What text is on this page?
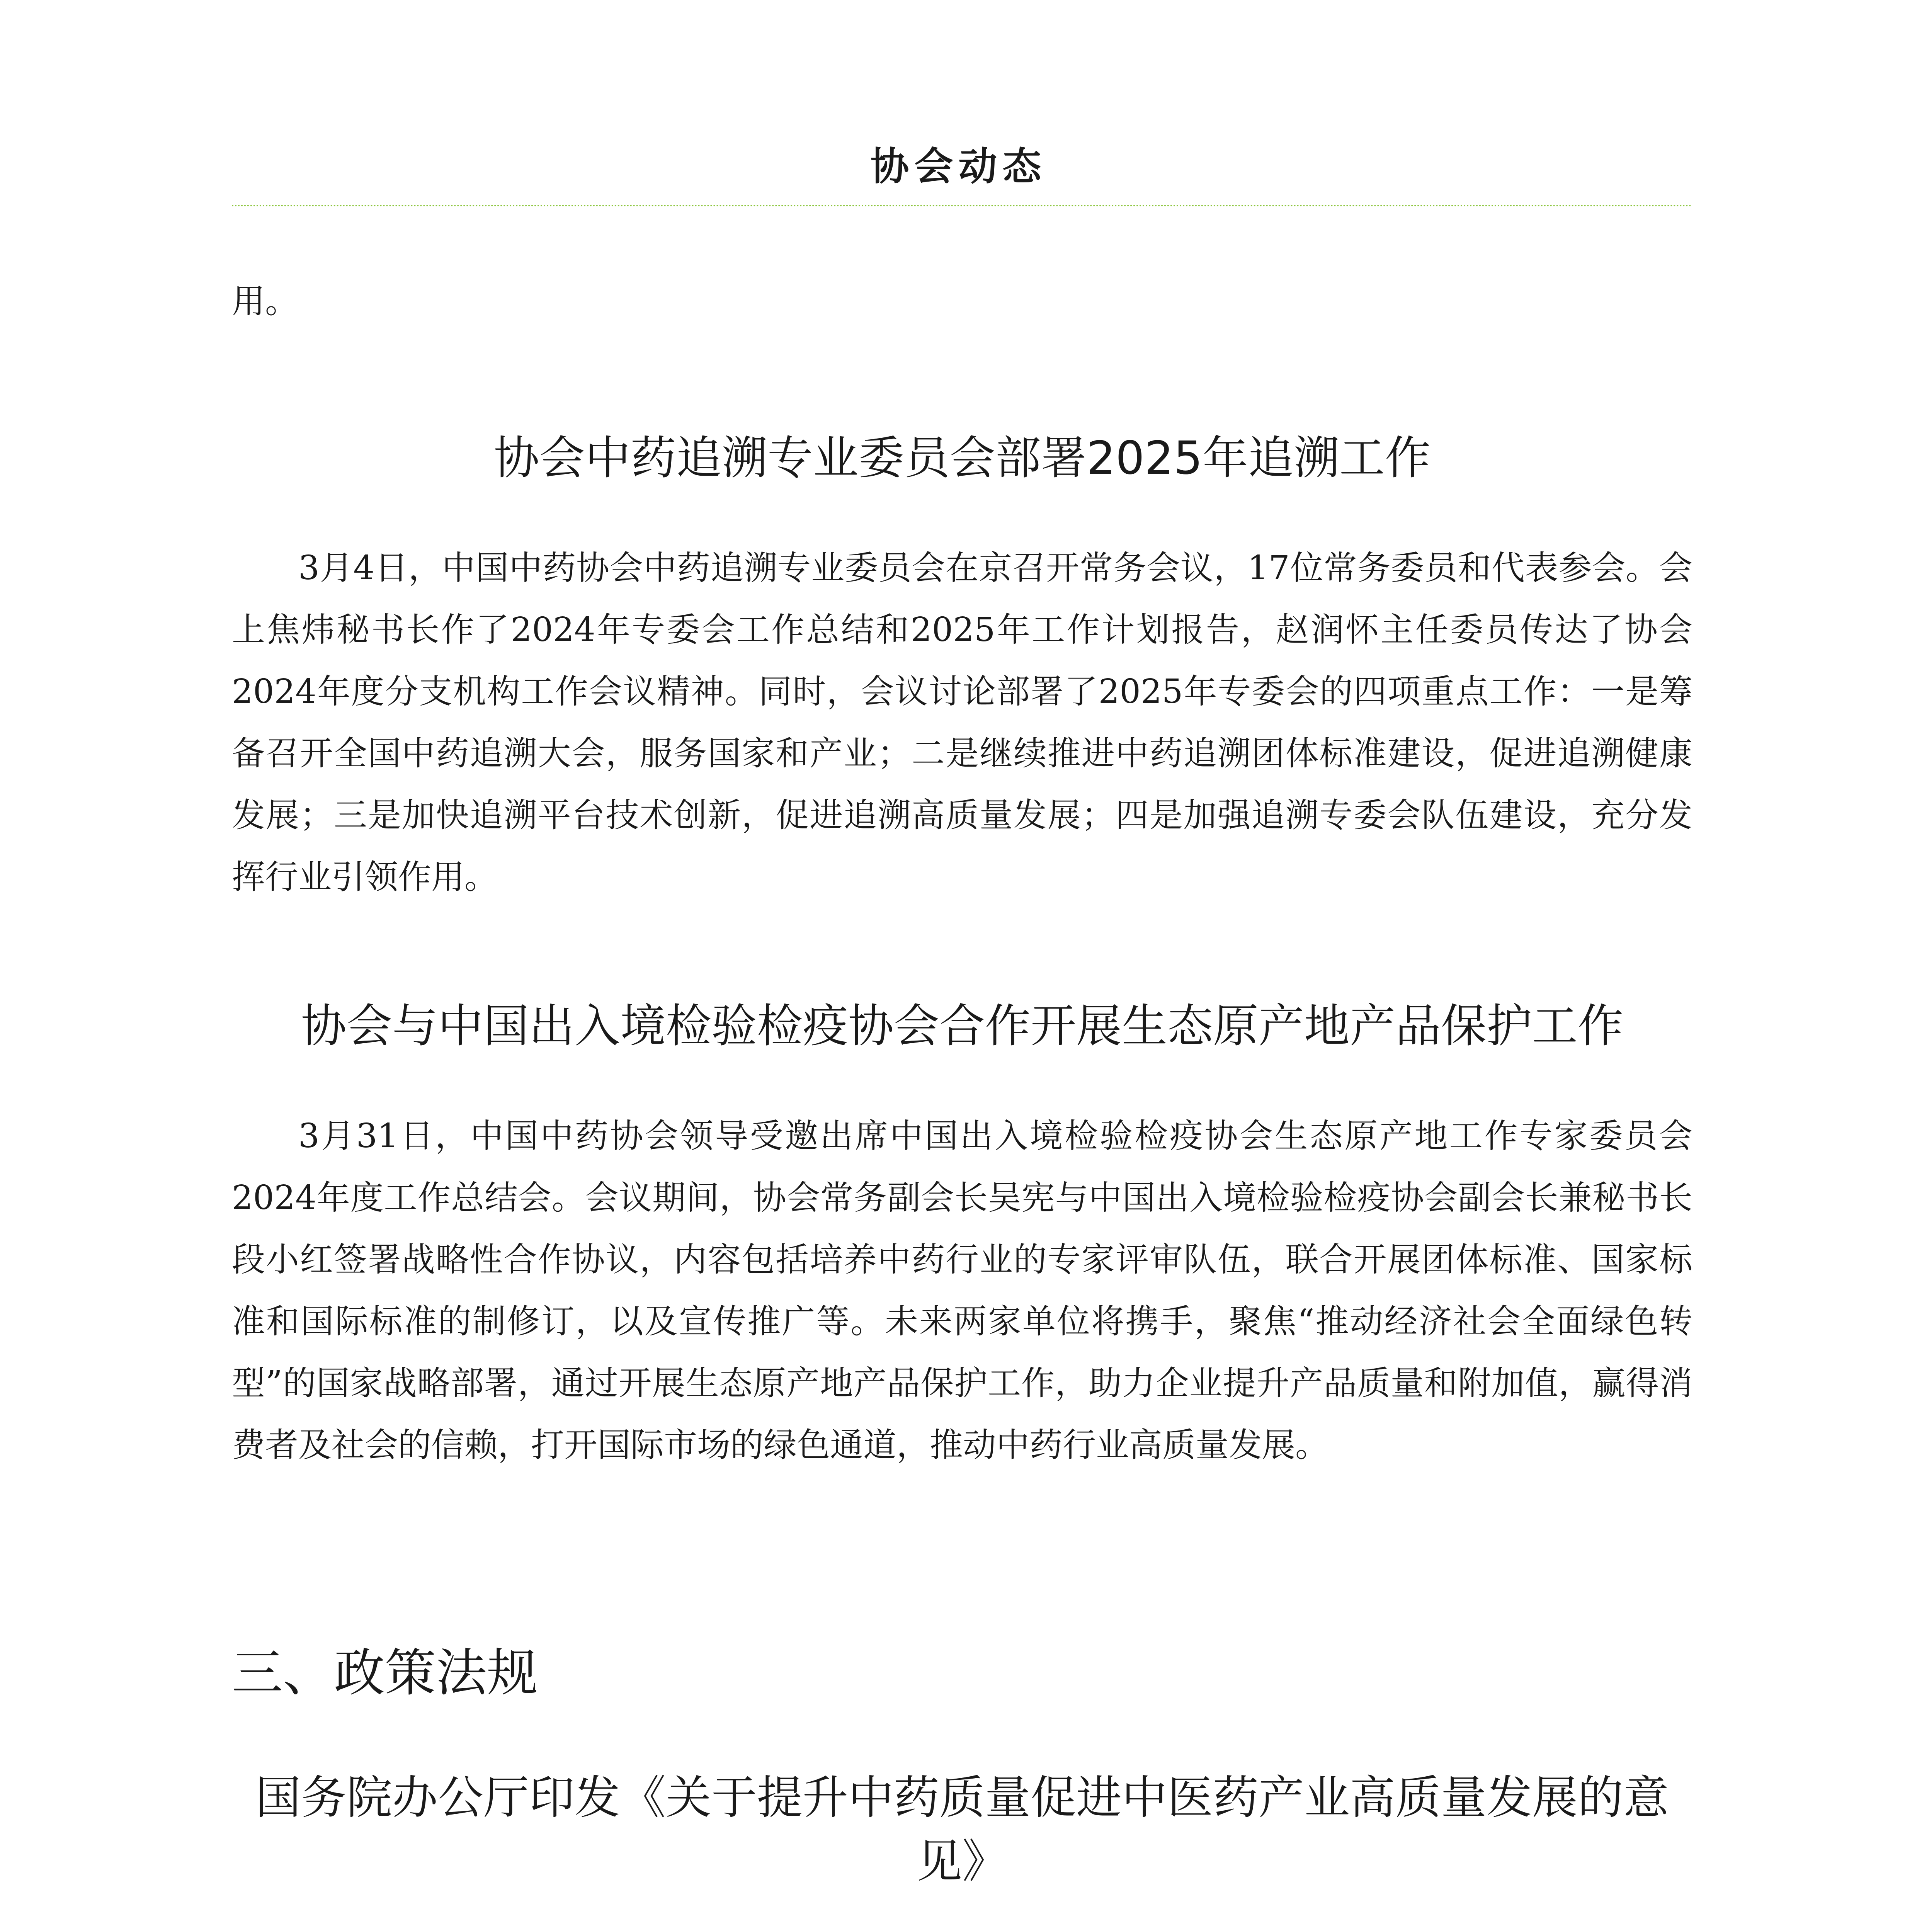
协会动态

用。

协会中药追溯专业委员会部署2025年追溯工作

3月4日，中国中药协会中药追溯专业委员会在京召开常务会议，17位常务委员和代表参会。会上焦炜秘书长作了2024年专委会工作总结和2025年工作计划报告，赵润怀主任委员传达了协会2024年度分支机构工作会议精神。同时，会议讨论部署了2025年专委会的四项重点工作：一是筹备召开全国中药追溯大会，服务国家和产业；二是继续推进中药追溯团体标准建设，促进追溯健康发展；三是加快追溯平台技术创新，促进追溯高质量发展；四是加强追溯专委会队伍建设，充分发挥行业引领作用。

协会与中国出入境检验检疫协会合作开展生态原产地产品保护工作

3月31日，中国中药协会领导受邀出席中国出入境检验检疫协会生态原产地工作专家委员会2024年度工作总结会。会议期间，协会常务副会长吴宪与中国出入境检验检疫协会副会长兼秘书长段小红签署战略性合作协议，内容包括培养中药行业的专家评审队伍，联合开展团体标准、国家标准和国际标准的制修订，以及宣传推广等。未来两家单位将携手，聚焦“推动经济社会全面绿色转型”的国家战略部署，通过开展生态原产地产品保护工作，助力企业提升产品质量和附加值，赢得消费者及社会的信赖，打开国际市场的绿色通道，推动中药行业高质量发展。

三、政策法规
国务院办公厅印发《关于提升中药质量促进中医药产业高质量发展的意见》
